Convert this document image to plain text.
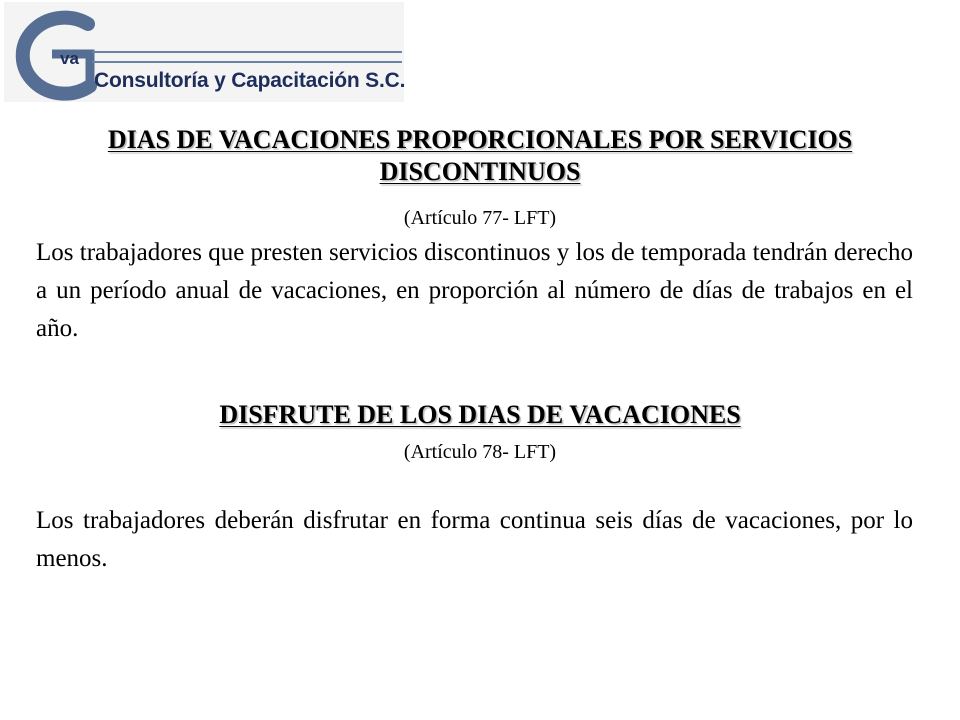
va
Consultoría y Capacitación S.C.
DIAS DE VACACIONES PROPORCIONALES POR SERVICIOS DISCONTINUOS
(Artículo 77- LFT)
Los trabajadores que presten servicios discontinuos y los de temporada tendrán derecho a un período anual de vacaciones, en proporción al número de días de trabajos en el año.
DISFRUTE DE LOS DIAS DE VACACIONES
(Artículo 78- LFT)
Los trabajadores deberán disfrutar en forma continua seis días de vacaciones, por lo menos.
